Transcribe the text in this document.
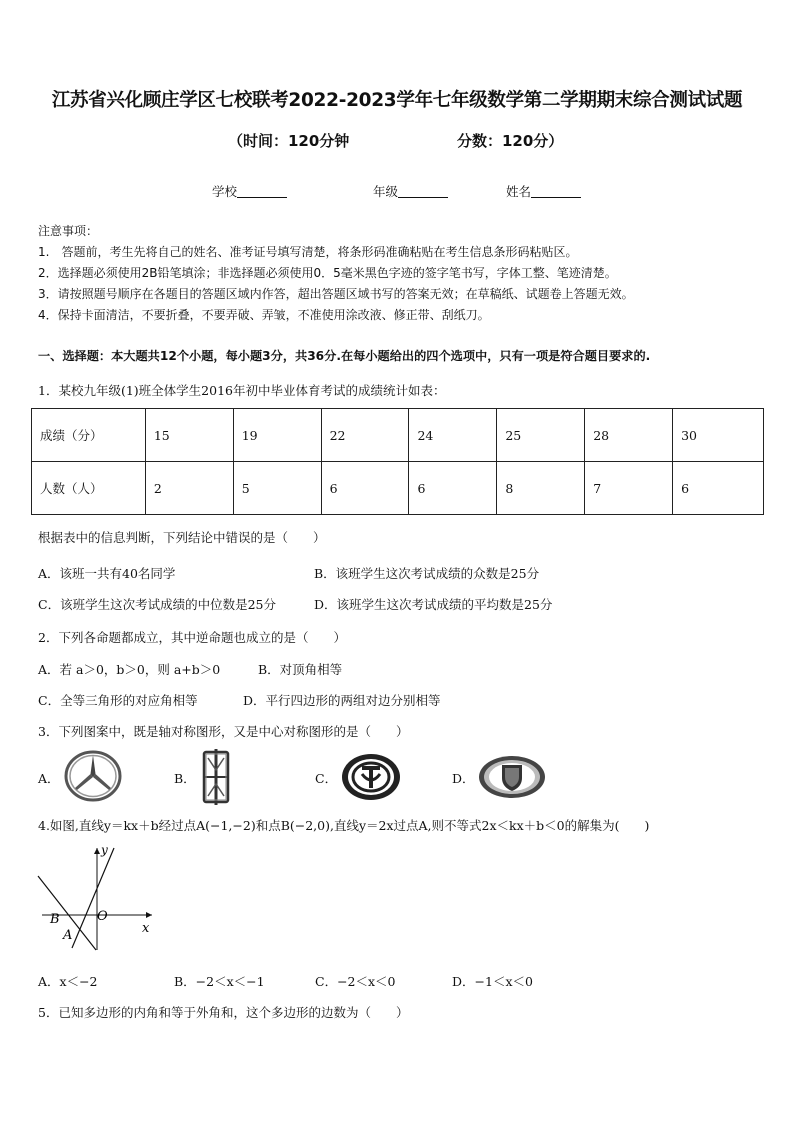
江苏省兴化顾庄学区七校联考2022-2023学年七年级数学第二学期期末综合测试试题
（时间：120分钟	分数：120分）
学校	年级	姓名
注意事项：
1.　答题前，考生先将自己的姓名、准考证号填写清楚，将条形码准确粘贴在考生信息条形码粘贴区。
2．选择题必须使用2B铅笔填涂；非选择题必须使用0．5毫米黑色字迹的签字笔书写，字体工整、笔迹清楚。
3．请按照题号顺序在各题目的答题区域内作答，超出答题区域书写的答案无效；在草稿纸、试题卷上答题无效。
4．保持卡面清洁，不要折叠，不要弄破、弄皱，不准使用涂改液、修正带、刮纸刀。
一、选择题：本大题共12个小题，每小题3分，共36分.在每小题给出的四个选项中，只有一项是符合题目要求的.
1．某校九年级(1)班全体学生2016年初中毕业体育考试的成绩统计如表：
成绩（分）	15	19	22	24	25	28	30
人数（人）	2	5	6	6	8	7	6
根据表中的信息判断，下列结论中错误的是（　　）
A．该班一共有40名同学	B．该班学生这次考试成绩的众数是25分
C．该班学生这次考试成绩的中位数是25分	D．该班学生这次考试成绩的平均数是25分
2．下列各命题都成立，其中逆命题也成立的是（　　）
A．若 a＞0，b＞0，则 a+b＞0	B．对顶角相等
C．全等三角形的对应角相等	D．平行四边形的两组对边分别相等
3．下列图案中，既是轴对称图形，又是中心对称图形的是（　　）
A．	B．	C．	D．
4.如图,直线y＝kx＋b经过点A(−1,−2)和点B(−2,0),直线y＝2x过点A,则不等式2x＜kx＋b＜0的解集为(　　)
y
x
O
B
A
A．x＜−2	B．−2＜x＜−1	C．−2＜x＜0	D．−1＜x＜0
5．已知多边形的内角和等于外角和，这个多边形的边数为（　　）
